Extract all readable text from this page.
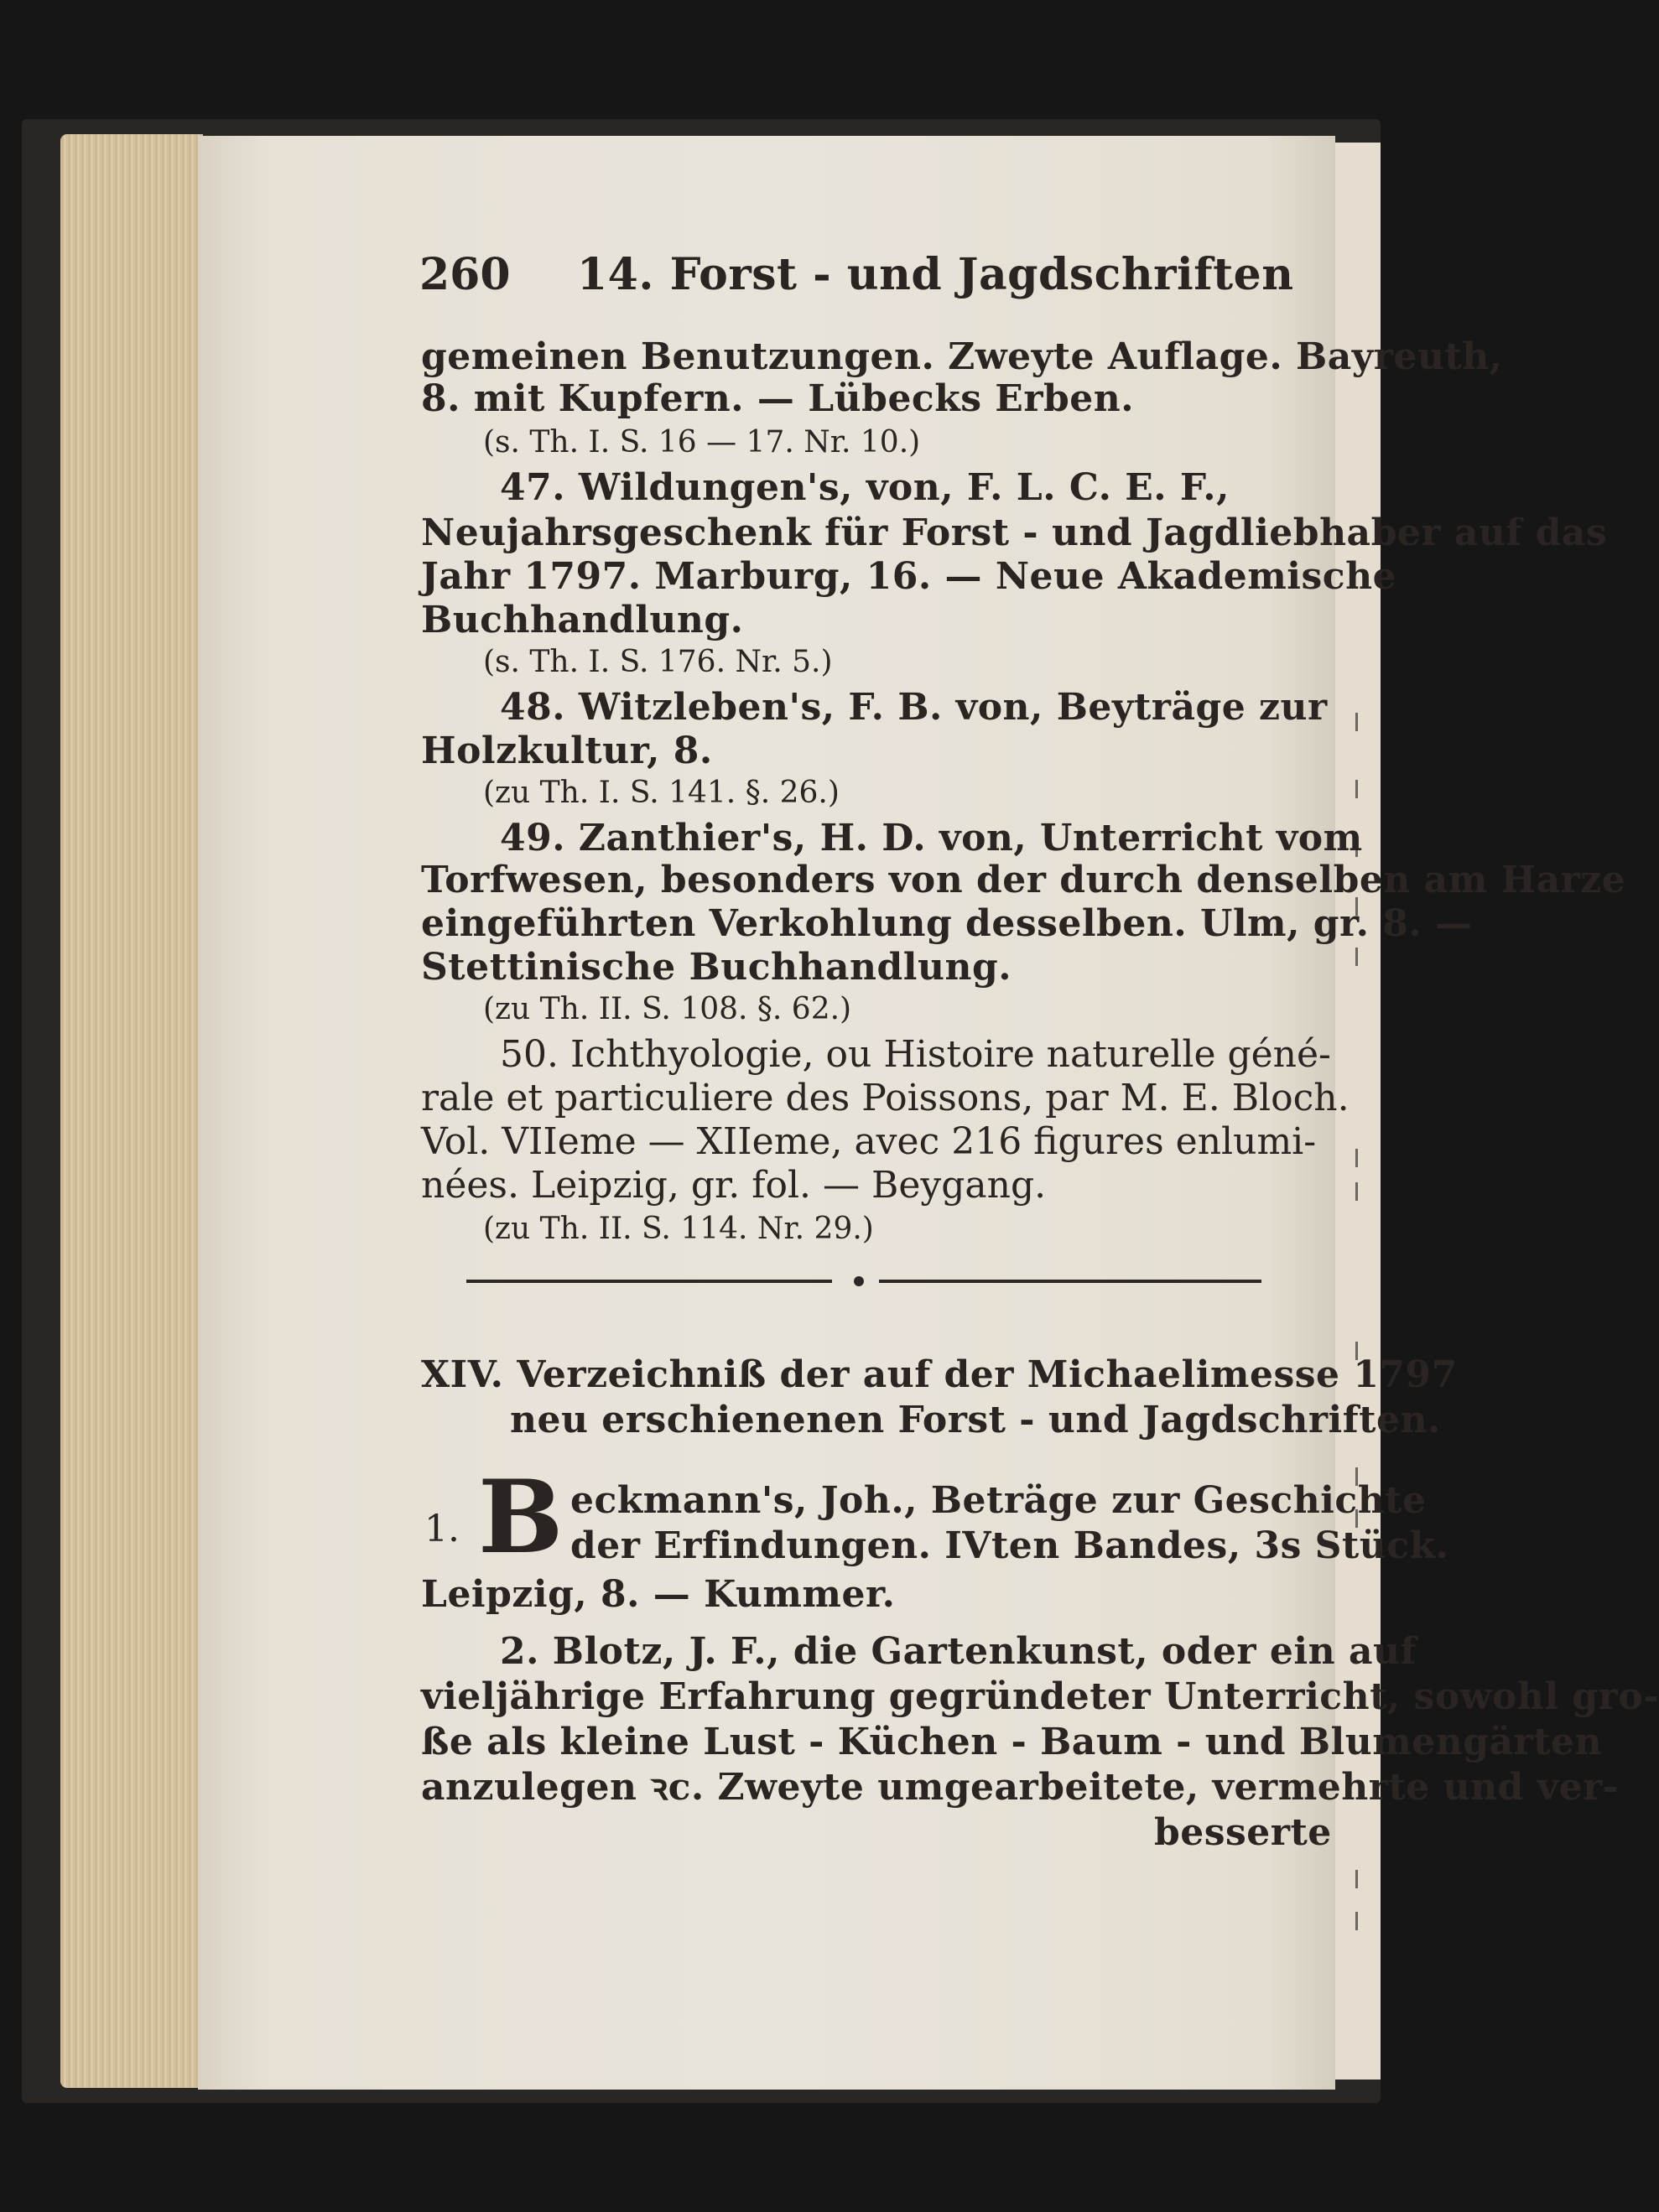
260 14. Forst - und Jagdschriften
gemeinen Benutzungen. Zweyte Auflage. Bayreuth,
8. mit Kupfern. — Lübecks Erben.
(s. Th. I. S. 16 — 17. Nr. 10.)
47. Wildungen's, von, F. L. C. E. F.,
Neujahrsgeschenk für Forst - und Jagdliebhaber auf das
Jahr 1797. Marburg, 16. — Neue Akademische
Buchhandlung.
(s. Th. I. S. 176. Nr. 5.)
48. Witzleben's, F. B. von, Beyträge zur
Holzkultur, 8.
(zu Th. I. S. 141. §. 26.)
49. Zanthier's, H. D. von, Unterricht vom
Torfwesen, besonders von der durch denselben am Harze
eingeführten Verkohlung desselben. Ulm, gr. 8. —
Stettinische Buchhandlung.
(zu Th. II. S. 108. §. 62.)
50. Ichthyologie, ou Histoire naturelle géné-
rale et particuliere des Poissons, par M. E. Bloch.
Vol. VIIeme — XIIeme, avec 216 figures enlumi-
nées. Leipzig, gr. fol. — Beygang.
(zu Th. II. S. 114. Nr. 29.)
XIV. Verzeichniß der auf der Michaelimesse 1797
neu erschienenen Forst - und Jagdschriften.
1. B eckmann's, Joh., Beträge zur Geschichte
der Erfindungen. IVten Bandes, 3s Stück.
Leipzig, 8. — Kummer.
2. Blotz, J. F., die Gartenkunst, oder ein auf
vieljährige Erfahrung gegründeter Unterricht, sowohl gro-
ße als kleine Lust - Küchen - Baum - und Blumengärten
anzulegen ꝛc. Zweyte umgearbeitete, vermehrte und ver-
besserte
